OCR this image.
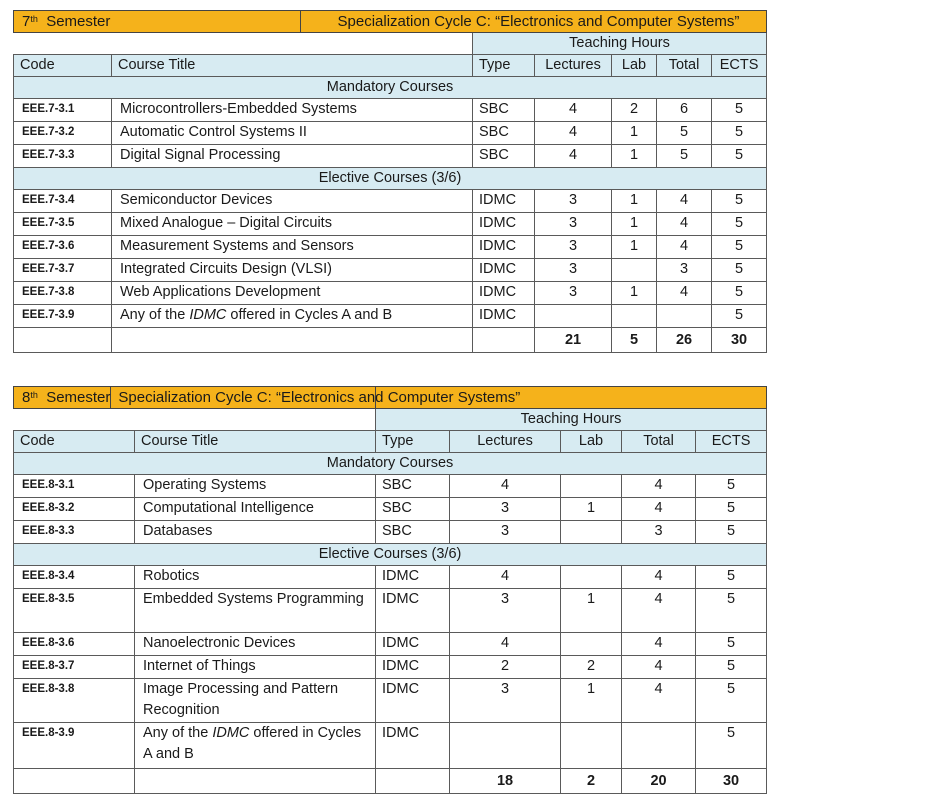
7th Semester			Specialization Cycle C: “Electronics and Computer Systems”			
		Teaching Hours				
Code	Course Title	Type	Lectures	Lab	Total	ECTS
Mandatory Courses						
EEE.7-3.1	Microcontrollers-Embedded Systems	SBC	4	2	6	5
EEE.7-3.2	Automatic Control Systems II	SBC	4	1	5	5
EEE.7-3.3	Digital Signal Processing	SBC	4	1	5	5
Elective Courses (3/6)						
EEE.7-3.4	Semiconductor Devices	IDMC	3	1	4	5
EEE.7-3.5	Mixed Analogue – Digital Circuits	IDMC	3	1	4	5
EEE.7-3.6	Measurement Systems and Sensors	IDMC	3	1	4	5
EEE.7-3.7	Integrated Circuits Design (VLSI)	IDMC	3		3	5
EEE.7-3.8	Web Applications Development	IDMC	3	1	4	5
EEE.7-3.9	Any of the IDMC offered in Cycles A and B	IDMC				5
			21	5	26	30
8th Semester Specialization Cycle C: “Electronics and Computer Systems”						

		Teaching Hours				
Code	Course Title	Type	Lectures	Lab	Total	ECTS
Mandatory Courses						
EEE.8-3.1	Operating Systems	SBC	4		4	5
EEE.8-3.2	Computational Intelligence	SBC	3	1	4	5
EEE.8-3.3	Databases	SBC	3		3	5
Elective Courses (3/6)						
EEE.8-3.4	Robotics	IDMC	4		4	5
EEE.8-3.5	Embedded Systems Programming	IDMC	3	1	4	5
EEE.8-3.6	Nanoelectronic Devices	IDMC	4		4	5
EEE.8-3.7	Internet of Things	IDMC	2	2	4	5
EEE.8-3.8	Image Processing and Pattern Recognition	IDMC	3	1	4	5
EEE.8-3.9	Any of the IDMC offered in Cycles A and B	IDMC				5
			18	2	20	30
